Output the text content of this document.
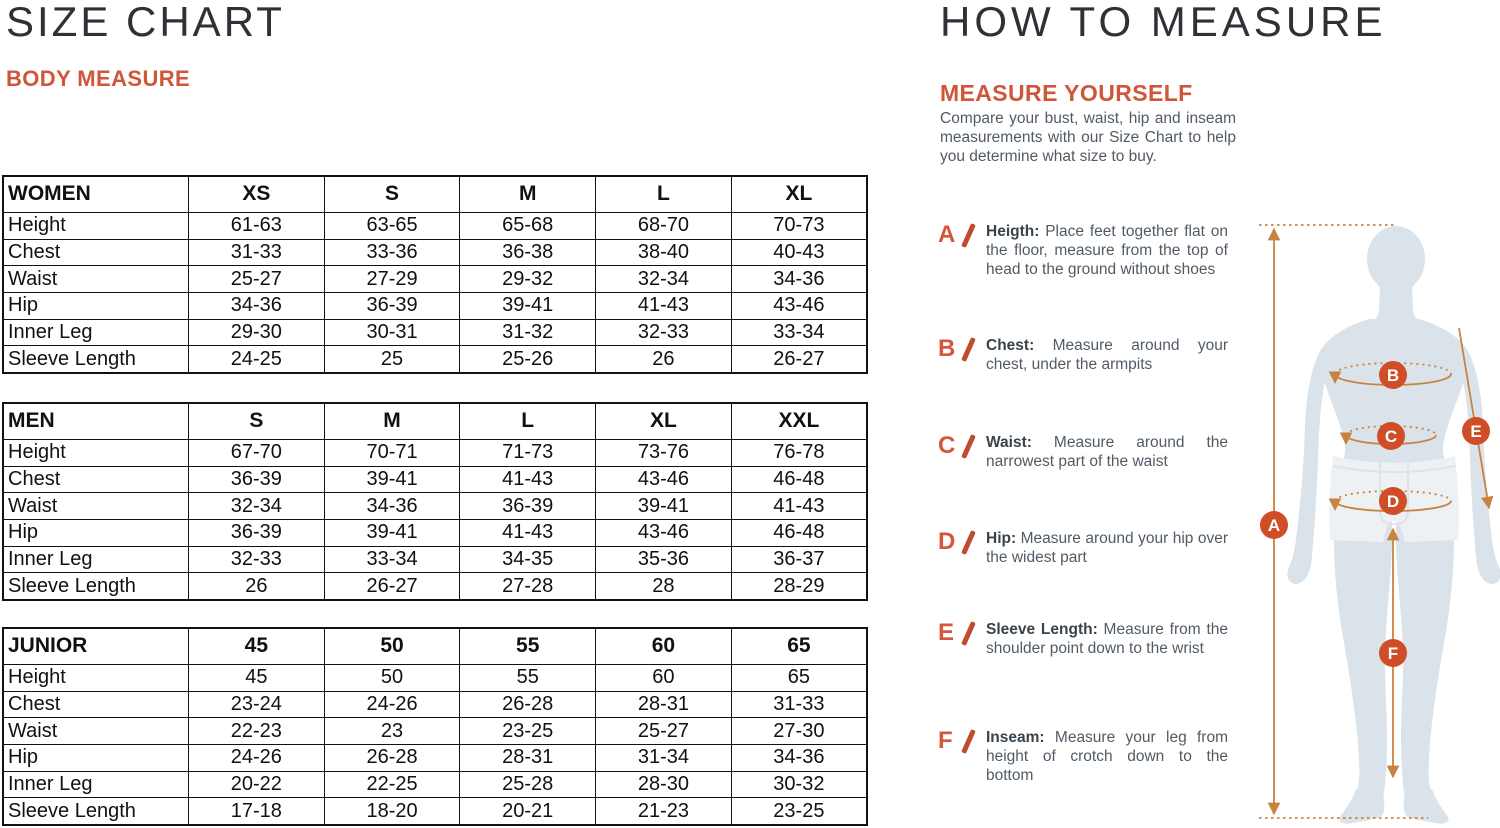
SIZE CHART
BODY MEASURE
WOMEN	XS	S	M	L	XL
Height	61-63	63-65	65-68	68-70	70-73
Chest	31-33	33-36	36-38	38-40	40-43
Waist	25-27	27-29	29-32	32-34	34-36
Hip	34-36	36-39	39-41	41-43	43-46
Inner Leg	29-30	30-31	31-32	32-33	33-34
Sleeve Length	24-25	25	25-26	26	26-27
MEN	S	M	L	XL	XXL
Height	67-70	70-71	71-73	73-76	76-78
Chest	36-39	39-41	41-43	43-46	46-48
Waist	32-34	34-36	36-39	39-41	41-43
Hip	36-39	39-41	41-43	43-46	46-48
Inner Leg	32-33	33-34	34-35	35-36	36-37
Sleeve Length	26	26-27	27-28	28	28-29
JUNIOR	45	50	55	60	65
Height	45	50	55	60	65
Chest	23-24	24-26	26-28	28-31	31-33
Waist	22-23	23	23-25	25-27	27-30
Hip	24-26	26-28	28-31	31-34	34-36
Inner Leg	20-22	22-25	25-28	28-30	30-32
Sleeve Length	17-18	18-20	20-21	21-23	23-25
HOW TO MEASURE
MEASURE YOURSELF

Compare your bust, waist, hip and inseam measurements with our Size Chart to help you determine what size to buy.

A	Heigth: Place feet together flat on the floor, measure from the top of head to the ground without shoes
B	Chest: Measure around your chest, under the armpits
C	Waist: Measure around the narrowest part of the waist
D	Hip: Measure around your hip over the widest part
E	Sleeve Length: Measure from the shoulder point down to the wrist
F	Inseam: Measure your leg from height of crotch down to the bottom
A
B
C
D
E
F
